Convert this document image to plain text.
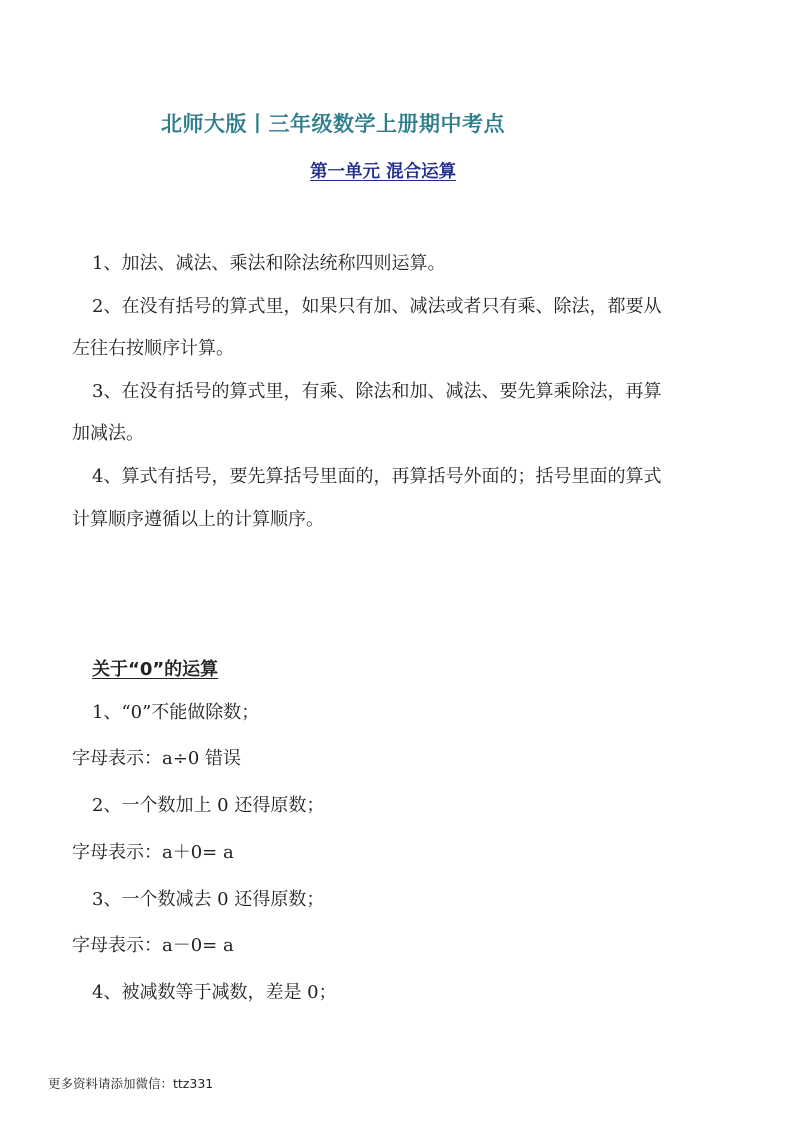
北师大版丨三年级数学上册期中考点
第一单元 混合运算
1、加法、减法、乘法和除法统称四则运算。
2、在没有括号的算式里，如果只有加、减法或者只有乘、除法，都要从
左往右按顺序计算。
3、在没有括号的算式里，有乘、除法和加、减法、要先算乘除法，再算
加减法。
4、算式有括号，要先算括号里面的，再算括号外面的；括号里面的算式
计算顺序遵循以上的计算顺序。
关于“0”的运算
1、“0”不能做除数；
字母表示：a÷0 错误
2、一个数加上 0 还得原数；
字母表示：a＋0= a
3、一个数减去 0 还得原数；
字母表示：a－0= a
4、被减数等于减数，差是 0；
更多资料请添加微信：ttz331
